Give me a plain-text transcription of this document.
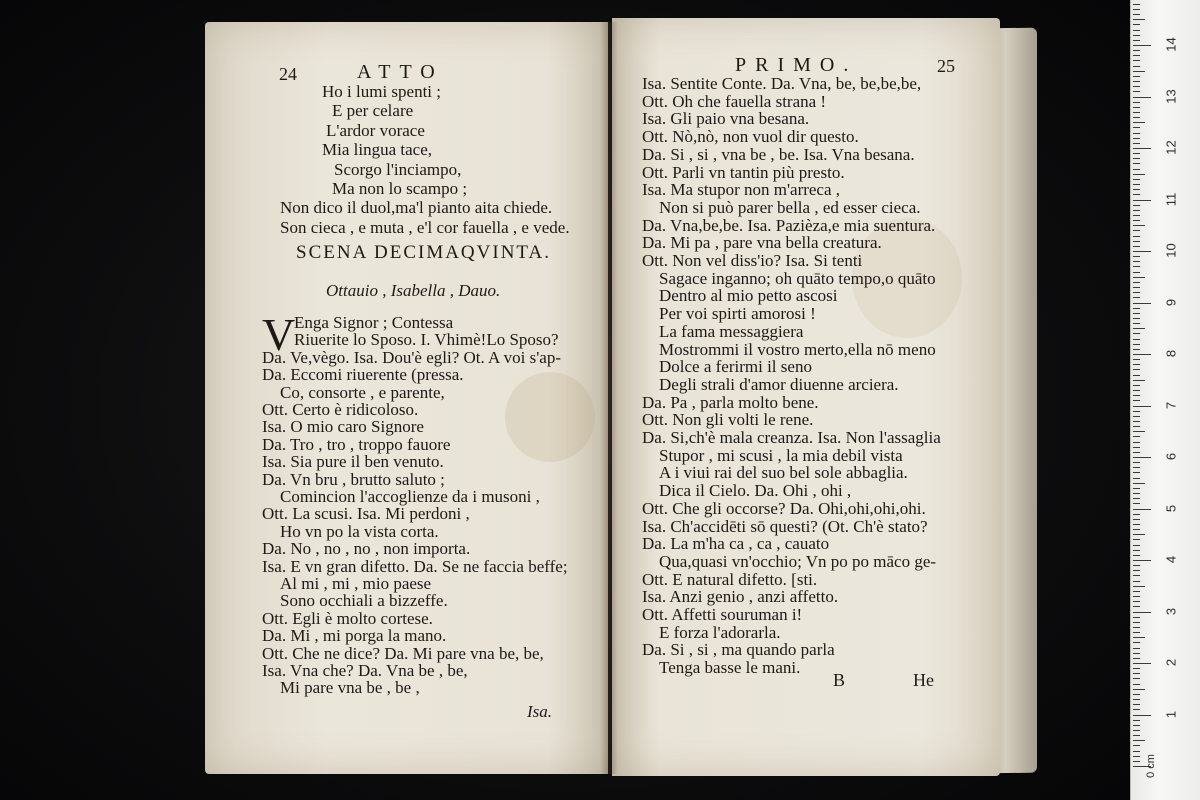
14
13
12
11
10
9
8
7
6
5
4
3
2
1
0 cm
24	ATTO
Ho i lumi spenti ;
E per celare
L'ardor vorace
Mia lingua tace,
Scorgo l'inciampo,
Ma non lo scampo ;
Non dico il duol,ma'l pianto aita chiede.
Son cieca , e muta , e'l cor fauella , e vede.
SCENA DECIMAQVINTA.
Ottauio , Isabella , Dauo.
V
Enga Signor ; Contessa
Riuerite lo Sposo. I. Vhimè!Lo Sposo?
Da. Ve,vègo. Isa. Dou'è egli? Ot. A voi s'ap-
Da. Eccomi riuerente (pressa.
Co, consorte , e parente,
Ott. Certo è ridicoloso.
Isa. O mio caro Signore
Da. Tro , tro , troppo fauore
Isa. Sia pure il ben venuto.
Da. Vn bru , brutto saluto ;
Comincion l'accoglienze da i musoni ,
Ott. La scusi. Isa. Mi perdoni ,
Ho vn po la vista corta.
Da. No , no , no , non importa.
Isa. E vn gran difetto. Da. Se ne faccia beffe;
Al mi , mi , mio paese
Sono occhiali a bizzeffe.
Ott. Egli è molto cortese.
Da. Mi , mi porga la mano.
Ott. Che ne dice? Da. Mi pare vna be, be,
Isa. Vna che? Da. Vna be , be,
Mi pare vna be , be ,
Isa.
PRIMO.	25
Isa. Sentite Conte. Da. Vna, be, be,be,be,
Ott. Oh che fauella strana !
Isa. Gli paio vna besana.
Ott. Nò,nò, non vuol dir questo.
Da. Si , si , vna be , be. Isa. Vna besana.
Ott. Parli vn tantin più presto.
Isa. Ma stupor non m'arreca ,
Non si può parer bella , ed esser cieca.
Da. Vna,be,be. Isa. Pazièza,e mia suentura.
Da. Mi pa , pare vna bella creatura.
Ott. Non vel diss'io? Isa. Si tenti
Sagace inganno; oh quāto tempo,o quāto
Dentro al mio petto ascosi
Per voi spirti amorosi !
La fama messaggiera
Mostrommi il vostro merto,ella nō meno
Dolce a ferirmi il seno
Degli strali d'amor diuenne arciera.
Da. Pa , parla molto bene.
Ott. Non gli volti le rene.
Da. Si,ch'è mala creanza. Isa. Non l'assaglia
Stupor , mi scusi , la mia debil vista
A i viui rai del suo bel sole abbaglia.
Dica il Cielo. Da. Ohi , ohi ,
Ott. Che gli occorse? Da. Ohi,ohi,ohi,ohi.
Isa. Ch'accidēti sō questi? (Ot. Ch'è stato?
Da. La m'ha ca , ca , cauato
Qua,quasi vn'occhio; Vn po po māco ge-
Ott. E natural difetto. [sti.
Isa. Anzi genio , anzi affetto.
Ott. Affetti souruman i!
E forza l'adorarla.
Da. Si , si , ma quando parla
Tenga basse le mani.
B	He
